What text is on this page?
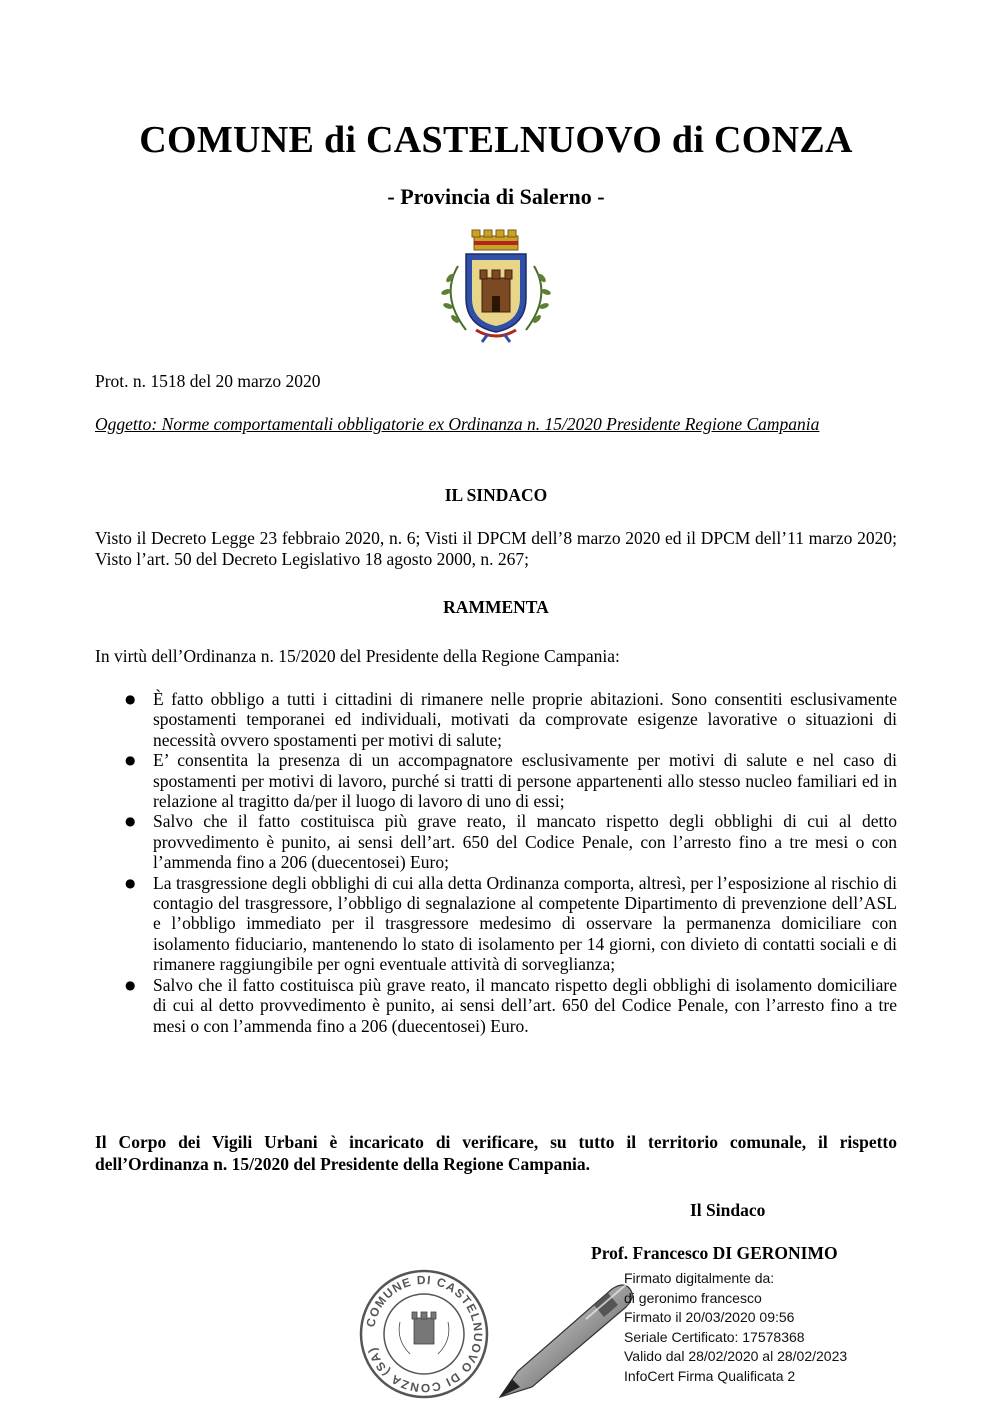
COMUNE di CASTELNUOVO di CONZA
- Provincia di Salerno -
Prot. n. 1518 del 20 marzo 2020
Oggetto: Norme comportamentali obbligatorie ex Ordinanza n. 15/2020 Presidente Regione Campania
IL SINDACO
Visto il Decreto Legge 23 febbraio 2020, n. 6; Visti il DPCM dell’8 marzo 2020 ed il DPCM dell’11 marzo 2020; Visto l’art. 50 del Decreto Legislativo 18 agosto 2000, n. 267;
RAMMENTA
In virtù dell’Ordinanza n. 15/2020 del Presidente della Regione Campania:
● È fatto obbligo a tutti i cittadini di rimanere nelle proprie abitazioni. Sono consentiti esclusivamente spostamenti temporanei ed individuali, motivati da comprovate esigenze lavorative o situazioni di necessità ovvero spostamenti per motivi di salute;
● E’ consentita la presenza di un accompagnatore esclusivamente per motivi di salute e nel caso di spostamenti per motivi di lavoro, purché si tratti di persone appartenenti allo stesso nucleo familiari ed in relazione al tragitto da/per il luogo di lavoro di uno di essi;
● Salvo che il fatto costituisca più grave reato, il mancato rispetto degli obblighi di cui al detto provvedimento è punito, ai sensi dell’art. 650 del Codice Penale, con l’arresto fino a tre mesi o con l’ammenda fino a 206 (duecentosei) Euro;
● La trasgressione degli obblighi di cui alla detta Ordinanza comporta, altresì, per l’esposizione al rischio di contagio del trasgressore, l’obbligo di segnalazione al competente Dipartimento di prevenzione dell’ASL e l’obbligo immediato per il trasgressore medesimo di osservare la permanenza domiciliare con isolamento fiduciario, mantenendo lo stato di isolamento per 14 giorni, con divieto di contatti sociali e di rimanere raggiungibile per ogni eventuale attività di sorveglianza;
● Salvo che il fatto costituisca più grave reato, il mancato rispetto degli obblighi di isolamento domiciliare di cui al detto provvedimento è punito, ai sensi dell’art. 650 del Codice Penale, con l’arresto fino a tre mesi o con l’ammenda fino a 206 (duecentosei) Euro.
Il Corpo dei Vigili Urbani è incaricato di verificare, su tutto il territorio comunale, il rispetto dell’Ordinanza n. 15/2020 del Presidente della Regione Campania.
Il Sindaco
Prof. Francesco DI GERONIMO
COMUNE DI CASTELNUOVO DI CONZA (SA)
Firmato digitalmente da:
di geronimo francesco
Firmato il 20/03/2020 09:56
Seriale Certificato: 17578368
Valido dal 28/02/2020 al 28/02/2023
InfoCert Firma Qualificata 2
